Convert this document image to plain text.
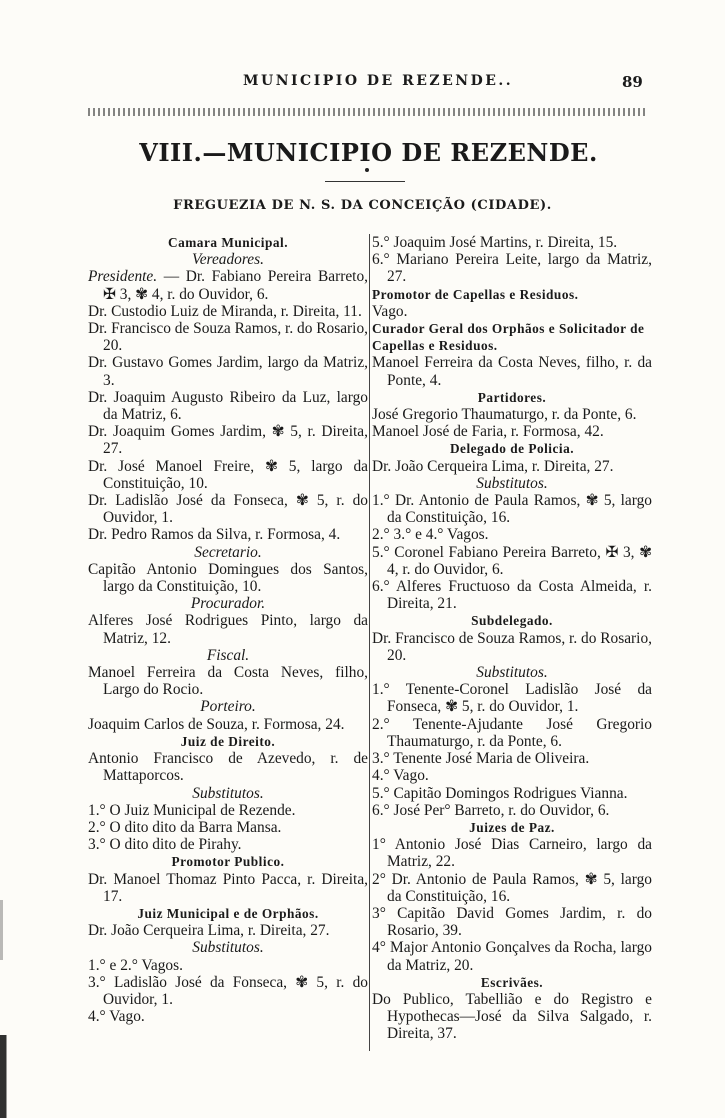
MUNICIPIO DE REZENDE..	89
VIII.—MUNICIPIO DE REZENDE.
FREGUEZIA DE N. S. DA CONCEIÇÃO (CIDADE).
Camara Municipal.
Vereadores.
Presidente. — Dr. Fabiano Pereira Barreto, ✠ 3, ✾ 4, r. do Ouvidor, 6.
Dr. Custodio Luiz de Miranda, r. Direita, 11.
Dr. Francisco de Souza Ramos, r. do Rosario, 20.
Dr. Gustavo Gomes Jardim, largo da Matriz, 3.
Dr. Joaquim Augusto Ribeiro da Luz, largo da Matriz, 6.
Dr. Joaquim Gomes Jardim, ✾ 5, r. Direita, 27.
Dr. José Manoel Freire, ✾ 5, largo da Constituição, 10.
Dr. Ladislão José da Fonseca, ✾ 5, r. do Ouvidor, 1.
Dr. Pedro Ramos da Silva, r. Formosa, 4.
Secretario.
Capitão Antonio Domingues dos Santos, largo da Constituição, 10.
Procurador.
Alferes José Rodrigues Pinto, largo da Matriz, 12.
Fiscal.
Manoel Ferreira da Costa Neves, filho, Largo do Rocio.
Porteiro.
Joaquim Carlos de Souza, r. Formosa, 24.
Juiz de Direito.
Antonio Francisco de Azevedo, r. de Mattaporcos.
Substitutos.
1.° O Juiz Municipal de Rezende.
2.° O dito dito da Barra Mansa.
3.° O dito dito de Pirahy.
Promotor Publico.
Dr. Manoel Thomaz Pinto Pacca, r. Direita, 17.
Juiz Municipal e de Orphãos.
Dr. João Cerqueira Lima, r. Direita, 27.
Substitutos.
1.° e 2.° Vagos.
3.° Ladislão José da Fonseca, ✾ 5, r. do Ouvidor, 1.
4.° Vago.
5.° Joaquim José Martins, r. Direita, 15.
6.° Mariano Pereira Leite, largo da Matriz, 27.
Promotor de Capellas e Residuos.
Vago.
Curador Geral dos Orphãos e Solicitador de Capellas e Residuos.
Manoel Ferreira da Costa Neves, filho, r. da Ponte, 4.
Partidores.
José Gregorio Thaumaturgo, r. da Ponte, 6.
Manoel José de Faria, r. Formosa, 42.
Delegado de Policia.
Dr. João Cerqueira Lima, r. Direita, 27.
Substitutos.
1.° Dr. Antonio de Paula Ramos, ✾ 5, largo da Constituição, 16.
2.° 3.° e 4.° Vagos.
5.° Coronel Fabiano Pereira Barreto, ✠ 3, ✾ 4, r. do Ouvidor, 6.
6.° Alferes Fructuoso da Costa Almeida, r. Direita, 21.
Subdelegado.
Dr. Francisco de Souza Ramos, r. do Rosario, 20.
Substitutos.
1.° Tenente-Coronel Ladislão José da Fonseca, ✾ 5, r. do Ouvidor, 1.
2.° Tenente-Ajudante José Gregorio Thaumaturgo, r. da Ponte, 6.
3.° Tenente José Maria de Oliveira.
4.° Vago.
5.° Capitão Domingos Rodrigues Vianna.
6.° José Per° Barreto, r. do Ouvidor, 6.
Juizes de Paz.
1° Antonio José Dias Carneiro, largo da Matriz, 22.
2° Dr. Antonio de Paula Ramos, ✾ 5, largo da Constituição, 16.
3° Capitão David Gomes Jardim, r. do Rosario, 39.
4° Major Antonio Gonçalves da Rocha, largo da Matriz, 20.
Escrivães.
Do Publico, Tabellião e do Registro e Hypothecas—José da Silva Salgado, r. Direita, 37.
